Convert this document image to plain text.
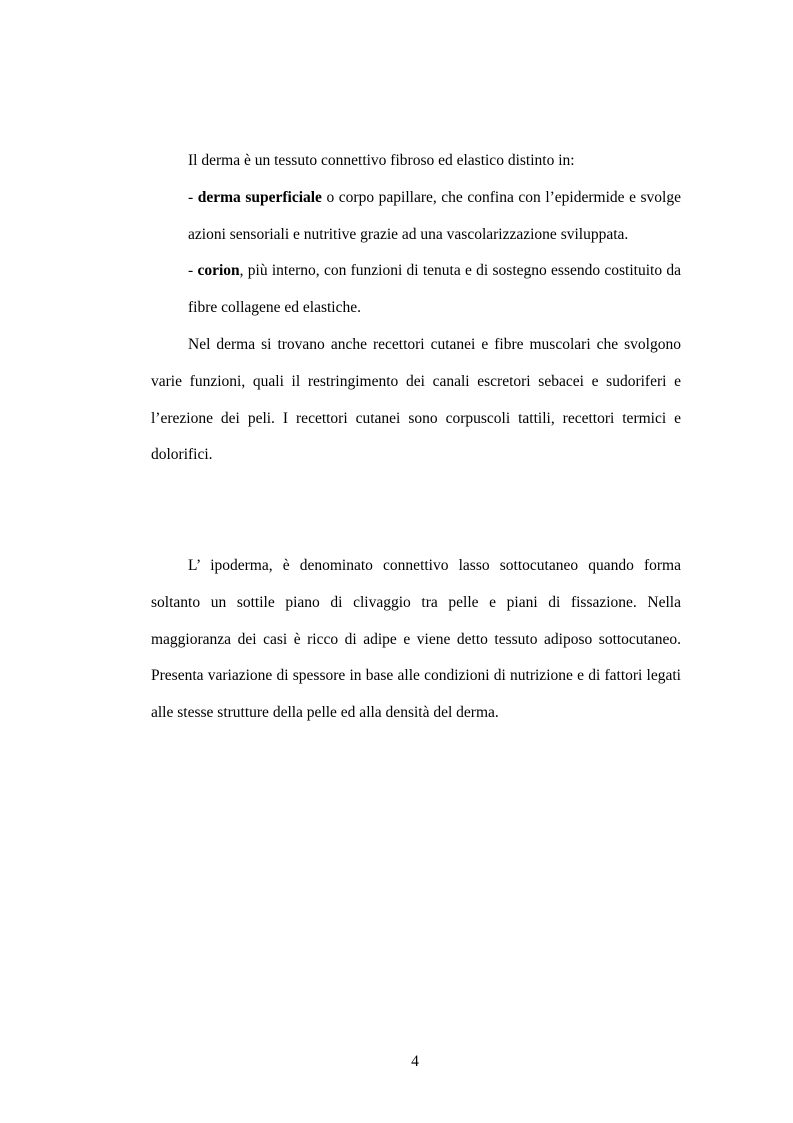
Il derma è un tessuto connettivo fibroso ed elastico distinto in:

- derma superficiale o corpo papillare, che confina con l’epidermide e svolge azioni sensoriali e nutritive grazie ad una vascolarizzazione sviluppata.

- corion, più interno, con funzioni di tenuta e di sostegno essendo costituito da fibre collagene ed elastiche.

Nel derma si trovano anche recettori cutanei e fibre muscolari che svolgono varie funzioni, quali il restringimento dei canali escretori sebacei e sudoriferi e l’erezione dei peli. I recettori cutanei sono corpuscoli tattili, recettori termici e dolorifici.

L’ ipoderma, è denominato connettivo lasso sottocutaneo quando forma soltanto un sottile piano di clivaggio tra pelle e piani di fissazione. Nella maggioranza dei casi è ricco di adipe e viene detto tessuto adiposo sottocutaneo. Presenta variazione di spessore in base alle condizioni di nutrizione e di fattori legati alle stesse strutture della pelle ed alla densità del derma.

4
